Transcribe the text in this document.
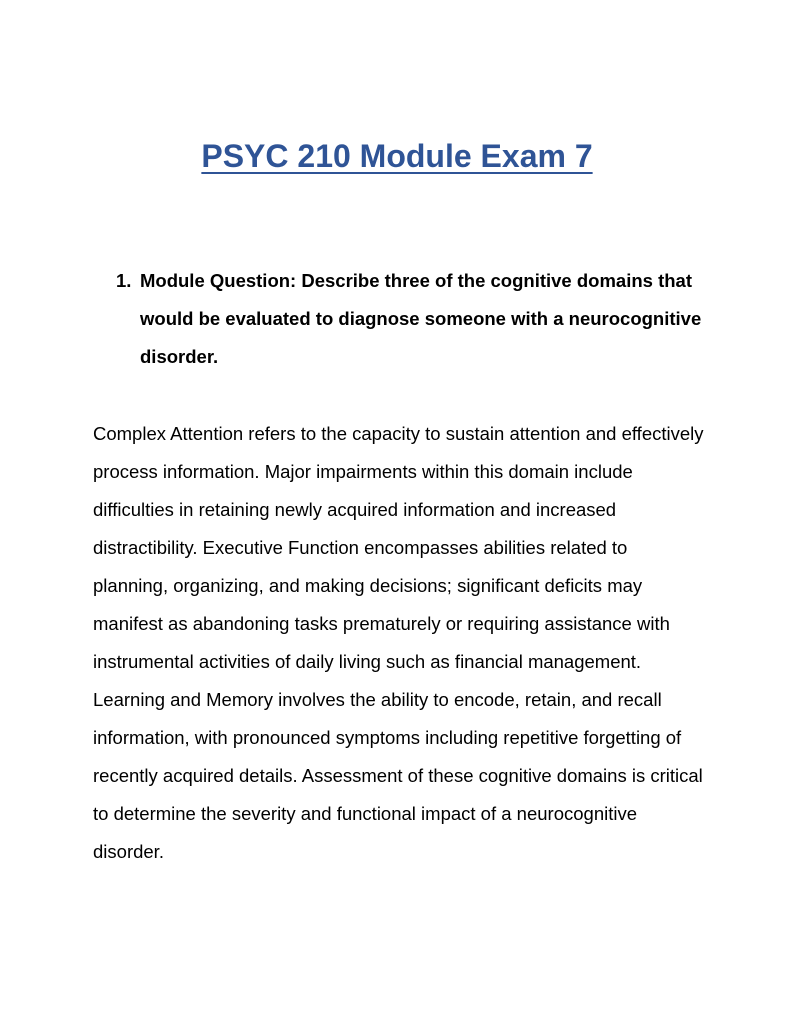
PSYC 210 Module Exam 7
1. Module Question: Describe three of the cognitive domains that would be evaluated to diagnose someone with a neurocognitive disorder.
Complex Attention refers to the capacity to sustain attention and effectively process information. Major impairments within this domain include difficulties in retaining newly acquired information and increased distractibility. Executive Function encompasses abilities related to planning, organizing, and making decisions; significant deficits may manifest as abandoning tasks prematurely or requiring assistance with instrumental activities of daily living such as financial management. Learning and Memory involves the ability to encode, retain, and recall information, with pronounced symptoms including repetitive forgetting of recently acquired details. Assessment of these cognitive domains is critical to determine the severity and functional impact of a neurocognitive disorder.
